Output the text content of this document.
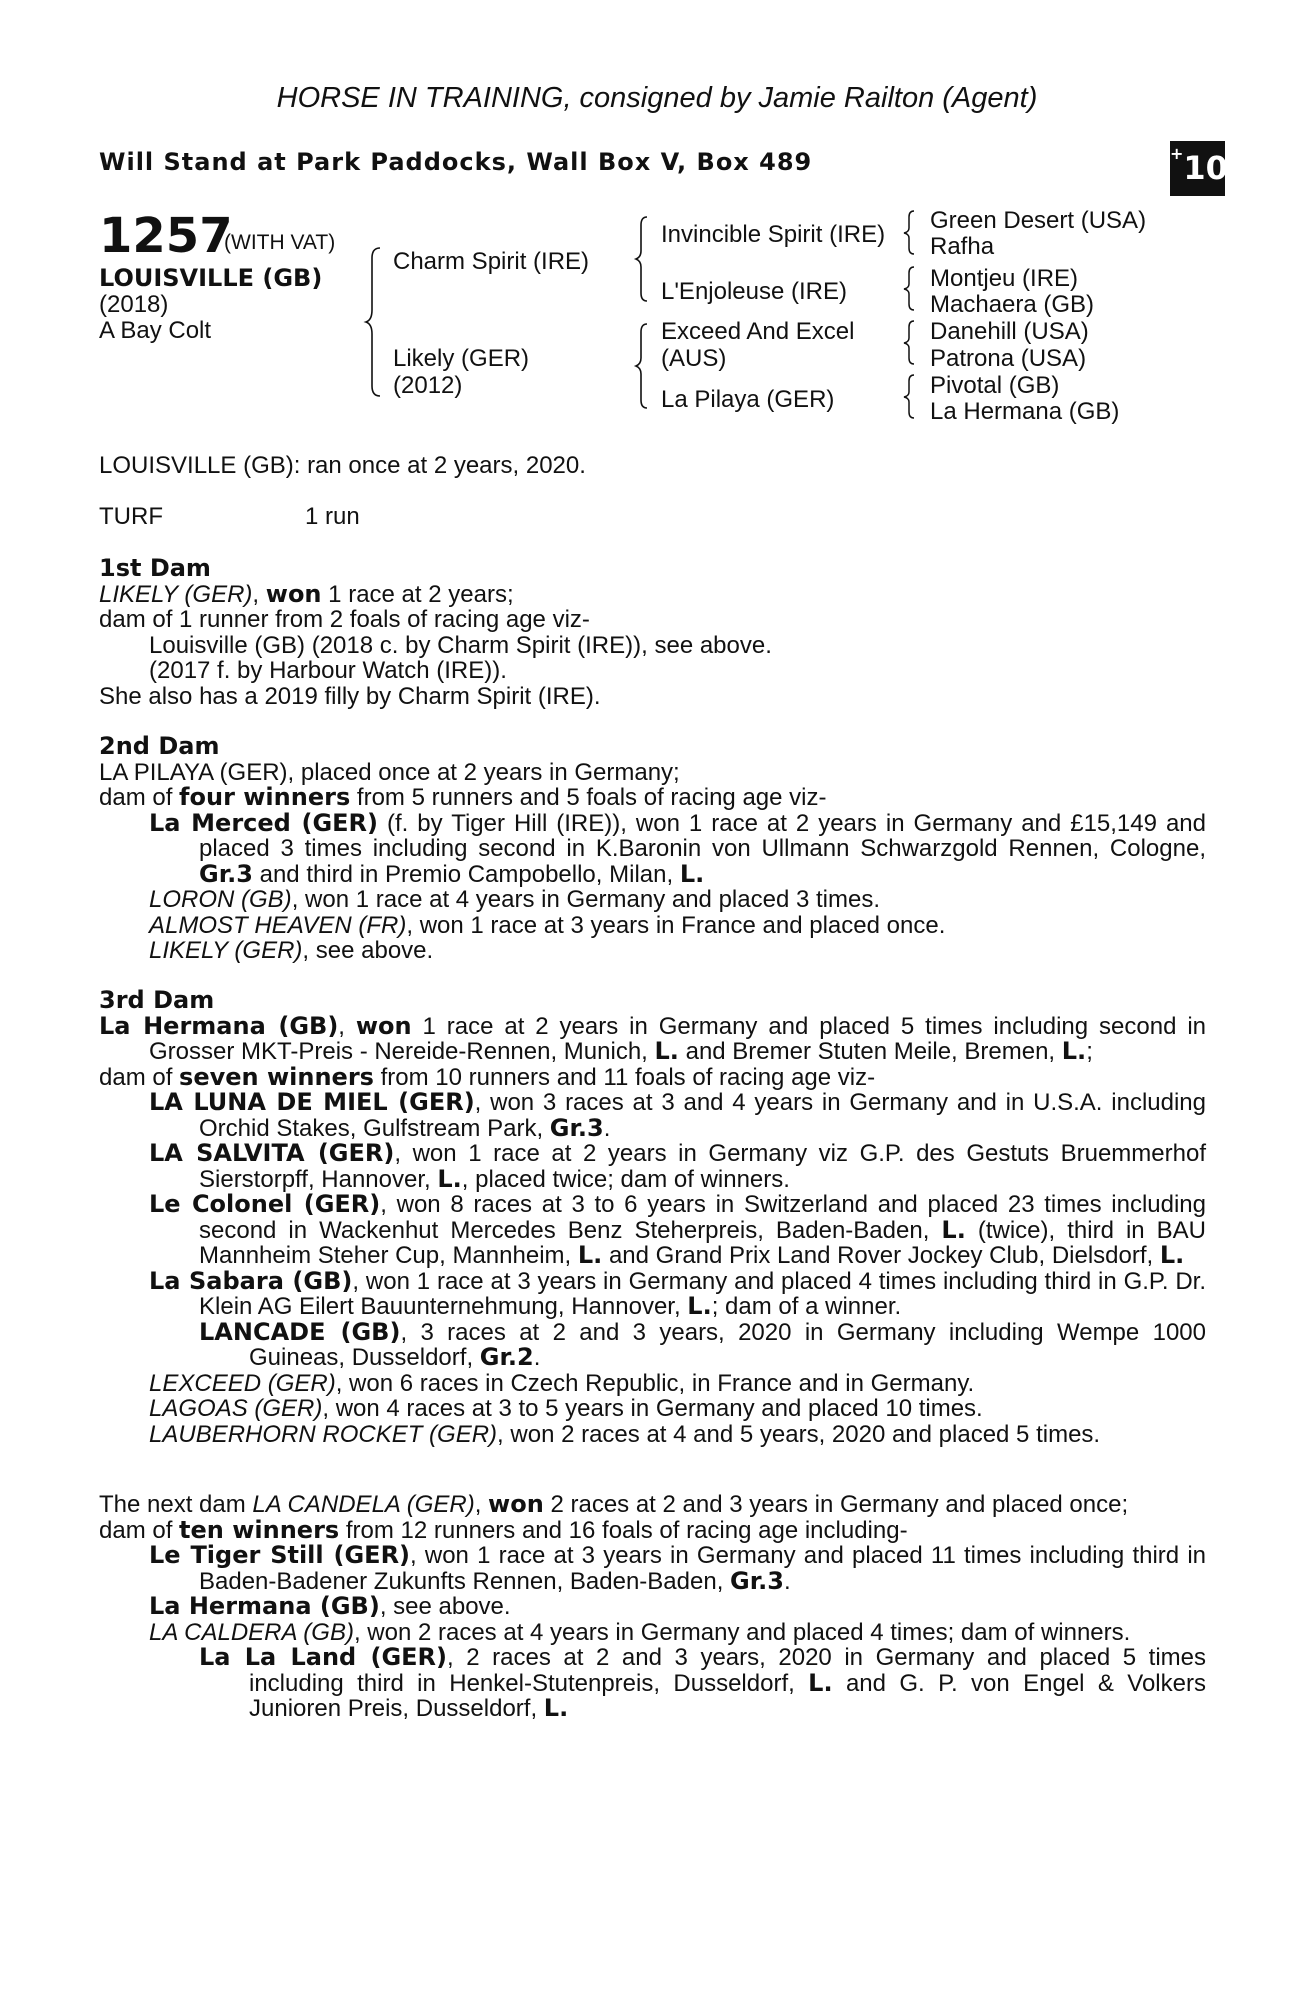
HORSE IN TRAINING, consigned by Jamie Railton (Agent)
Will Stand at Park Paddocks, Wall Box V, Box 489	+10
1257
(WITH VAT)
LOUISVILLE (GB)
(2018)
A Bay Colt
Charm Spirit (IRE)
Likely (GER)
(2012)
Invincible Spirit (IRE)
L'Enjoleuse (IRE)
Exceed And Excel
(AUS)
La Pilaya (GER)
Green Desert (USA)
Rafha
Montjeu (IRE)
Machaera (GB)
Danehill (USA)
Patrona (USA)
Pivotal (GB)
La Hermana (GB)
LOUISVILLE (GB): ran once at 2 years, 2020.
TURF	1 run

1st Dam

LIKELY (GER), won 1 race at 2 years;

dam of 1 runner from 2 foals of racing age viz-

Louisville (GB) (2018 c. by Charm Spirit (IRE)), see above.

(2017 f. by Harbour Watch (IRE)).

She also has a 2019 filly by Charm Spirit (IRE).

2nd Dam

LA PILAYA (GER), placed once at 2 years in Germany;

dam of four winners from 5 runners and 5 foals of racing age viz-

La Merced (GER) (f. by Tiger Hill (IRE)), won 1 race at 2 years in Germany and £15,149 and placed 3 times including second in K.Baronin von Ullmann Schwarzgold Rennen, Cologne, Gr.3 and third in Premio Campobello, Milan, L.

LORON (GB), won 1 race at 4 years in Germany and placed 3 times.

ALMOST HEAVEN (FR), won 1 race at 3 years in France and placed once.

LIKELY (GER), see above.

3rd Dam

La Hermana (GB), won 1 race at 2 years in Germany and placed 5 times including second in Grosser MKT-Preis - Nereide-Rennen, Munich, L. and Bremer Stuten Meile, Bremen, L.;

dam of seven winners from 10 runners and 11 foals of racing age viz-

LA LUNA DE MIEL (GER), won 3 races at 3 and 4 years in Germany and in U.S.A. including Orchid Stakes, Gulfstream Park, Gr.3.

LA SALVITA (GER), won 1 race at 2 years in Germany viz G.P. des Gestuts Bruemmerhof Sierstorpff, Hannover, L., placed twice; dam of winners.

Le Colonel (GER), won 8 races at 3 to 6 years in Switzerland and placed 23 times including second in Wackenhut Mercedes Benz Steherpreis, Baden-Baden, L. (twice), third in BAU Mannheim Steher Cup, Mannheim, L. and Grand Prix Land Rover Jockey Club, Dielsdorf, L.

La Sabara (GB), won 1 race at 3 years in Germany and placed 4 times including third in G.P. Dr. Klein AG Eilert Bauunternehmung, Hannover, L.; dam of a winner.

LANCADE (GB), 3 races at 2 and 3 years, 2020 in Germany including Wempe 1000 Guineas, Dusseldorf, Gr.2.

LEXCEED (GER), won 6 races in Czech Republic, in France and in Germany.

LAGOAS (GER), won 4 races at 3 to 5 years in Germany and placed 10 times.

LAUBERHORN ROCKET (GER), won 2 races at 4 and 5 years, 2020 and placed 5 times.

The next dam LA CANDELA (GER), won 2 races at 2 and 3 years in Germany and placed once;

dam of ten winners from 12 runners and 16 foals of racing age including-

Le Tiger Still (GER), won 1 race at 3 years in Germany and placed 11 times including third in Baden-Badener Zukunfts Rennen, Baden-Baden, Gr.3.

La Hermana (GB), see above.

LA CALDERA (GB), won 2 races at 4 years in Germany and placed 4 times; dam of winners.

La La Land (GER), 2 races at 2 and 3 years, 2020 in Germany and placed 5 times including third in Henkel-Stutenpreis, Dusseldorf, L. and G. P. von Engel & Volkers Junioren Preis, Dusseldorf, L.
